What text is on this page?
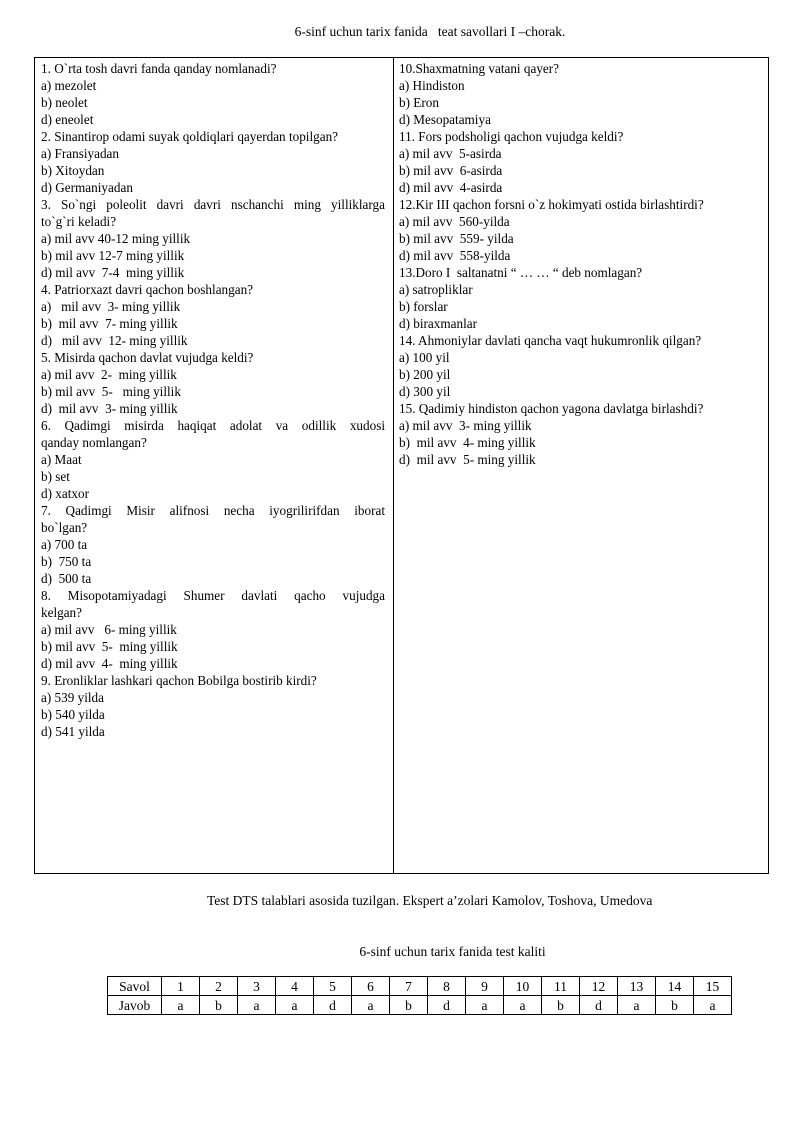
6-sinf uchun tarix fanida   teat savollari I –chorak.
1. O`rta tosh davri fanda qanday nomlanadi?
a) mezolet
b) neolet
d) eneolet
2. Sinantirop odami suyak qoldiqlari qayerdan topilgan?
a) Fransiyadan
b) Xitoydan
d) Germaniyadan
3. So`ngi poleolit davri davri nschanchi ming yilliklarga
to`g`ri keladi?
a) mil avv 40-12 ming yillik
b) mil avv 12-7 ming yillik
d) mil avv  7-4  ming yillik
4. Patriorxazt davri qachon boshlangan?
a)   mil avv  3- ming yillik
b)  mil avv  7- ming yillik
d)   mil avv  12- ming yillik
5. Misirda qachon davlat vujudga keldi?
a) mil avv  2-  ming yillik
b) mil avv  5-   ming yillik
d)  mil avv  3- ming yillik
6. Qadimgi misirda haqiqat adolat va odillik xudosi
qanday nomlangan?
a) Maat
b) set
d) xatxor
7. Qadimgi Misir alifnosi necha iyogrilirifdan iborat
bo`lgan?
a) 700 ta
b)  750 ta
d)  500 ta
8. Misopotamiyadagi Shumer davlati qacho vujudga
kelgan?
a) mil avv   6- ming yillik
b) mil avv  5-  ming yillik
d) mil avv  4-  ming yillik
9. Eronliklar lashkari qachon Bobilga bostirib kirdi?
a) 539 yilda
b) 540 yilda
d) 541 yilda
10.Shaxmatning vatani qayer?
a) Hindiston
b) Eron
d) Mesopatamiya
11. Fors podsholigi qachon vujudga keldi?
a) mil avv  5-asirda
b) mil avv  6-asirda
d) mil avv  4-asirda
12.Kir III qachon forsni o`z hokimyati ostida birlashtirdi?
a) mil avv  560-yilda
b) mil avv  559- yilda
d) mil avv  558-yilda
13.Doro I  saltanatni “ … … “ deb nomlagan?
a) satropliklar
b) forslar
d) biraxmanlar
14. Ahmoniylar davlati qancha vaqt hukumronlik qilgan?
a) 100 yil
b) 200 yil
d) 300 yil
15. Qadimiy hindiston qachon yagona davlatga birlashdi?
a) mil avv  3- ming yillik
b)  mil avv  4- ming yillik
d)  mil avv  5- ming yillik
Test DTS talablari asosida tuzilgan. Ekspert a’zolari Kamolov, Toshova, Umedova
6-sinf uchun tarix fanida test kaliti
Savol	1	2	3	4	5	6	7	8	9	10	11	12	13	14	15
Javob	a	b	a	a	d	a	b	d	a	a	b	d	a	b	a
